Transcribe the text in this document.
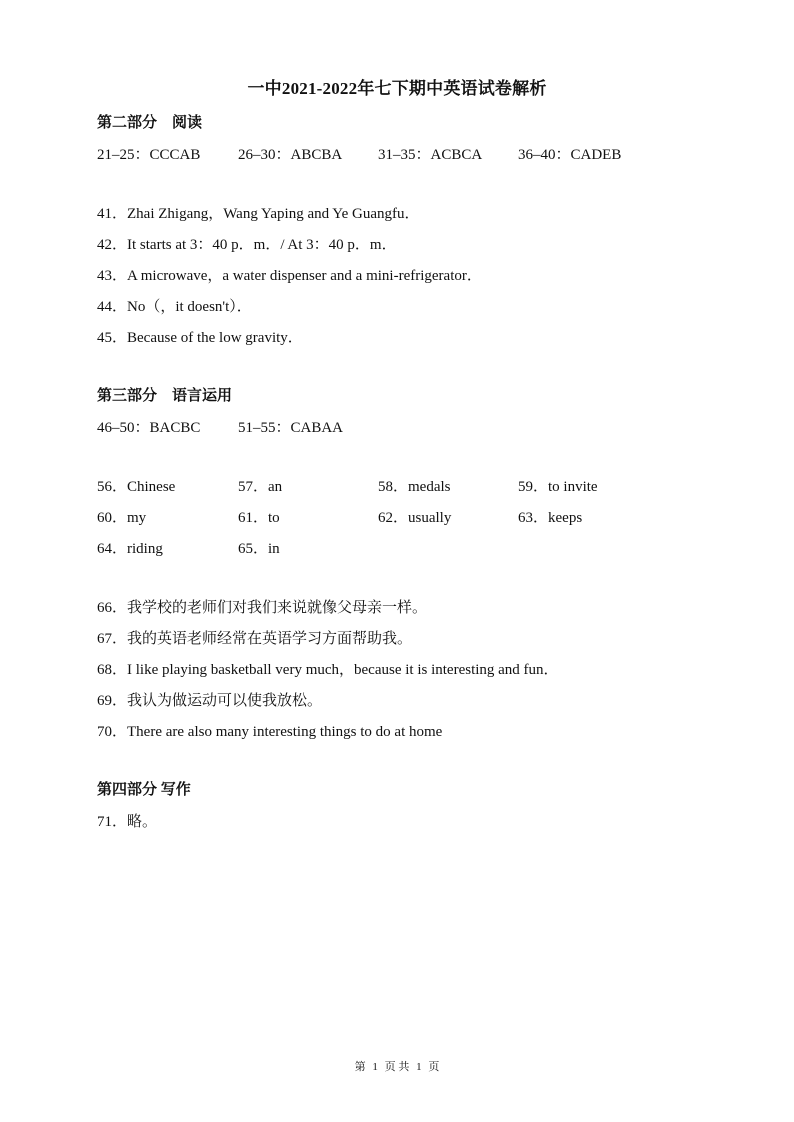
一中2021-2022年七下期中英语试卷解析
第二部分　阅读
21–25：CCCAB	26–30：ABCBA 31–35：ACBCA 36–40：CADEB
41．Zhai Zhigang，Wang Yaping and Ye Guangfu．
42．It starts at 3：40 p．m．/ At 3：40 p．m．
43．A microwave，a water dispenser and a mini-refrigerator．
44．No（，it doesn't）．
45．Because of the low gravity．
第三部分　语言运用
46–50：BACBC	51–55：CABAA
56．Chinese	57．an	58．medals	59．to invite
60．my	61．to	62．usually	63．keeps
64．riding	65．in
66．我学校的老师们对我们来说就像父母亲一样。
67．我的英语老师经常在英语学习方面帮助我。
68．I like playing basketball very much，because it is interesting and fun．
69．我认为做运动可以使我放松。
70．There are also many interesting things to do at home
第四部分 写作
71．略。
第 1 页 共 1 页
